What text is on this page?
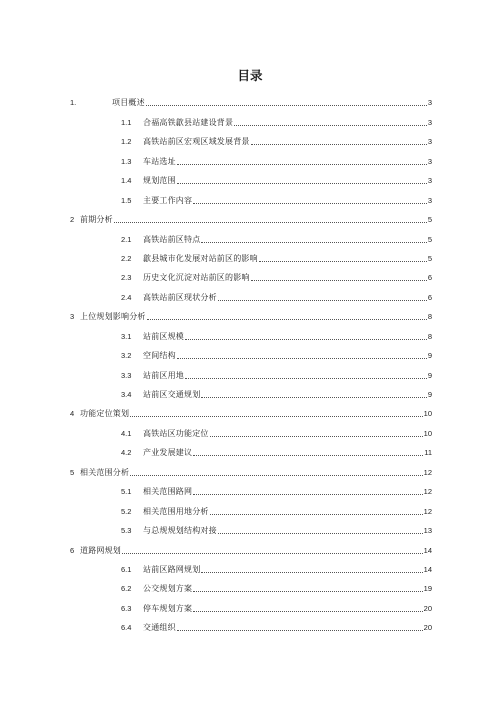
目录
1.	项目概述	3
1.1	合福高铁歙县站建设背景	3
1.2	高铁站前区宏观区域发展背景	3
1.3	车站选址	3
1.4	规划范围	3
1.5	主要工作内容	3
2 前期分析	5
2.1	高铁站前区特点	5
2.2	歙县城市化发展对站前区的影响	5
2.3	历史文化沉淀对站前区的影响	6
2.4	高铁站前区现状分析	6
3 上位规划影响分析	8
3.1	站前区规模	8
3.2	空间结构	9
3.3	站前区用地	9
3.4	站前区交通规划	9
4 功能定位策划	10
4.1	高铁站区功能定位	10
4.2	产业发展建议	11
5 相关范围分析	12
5.1	相关范围路网	12
5.2	相关范围用地分析	12
5.3	与总规规划结构对接	13
6 道路网规划	14
6.1	站前区路网规划	14
6.2	公交规划方案	19
6.3	停车规划方案	20
6.4	交通组织	20
